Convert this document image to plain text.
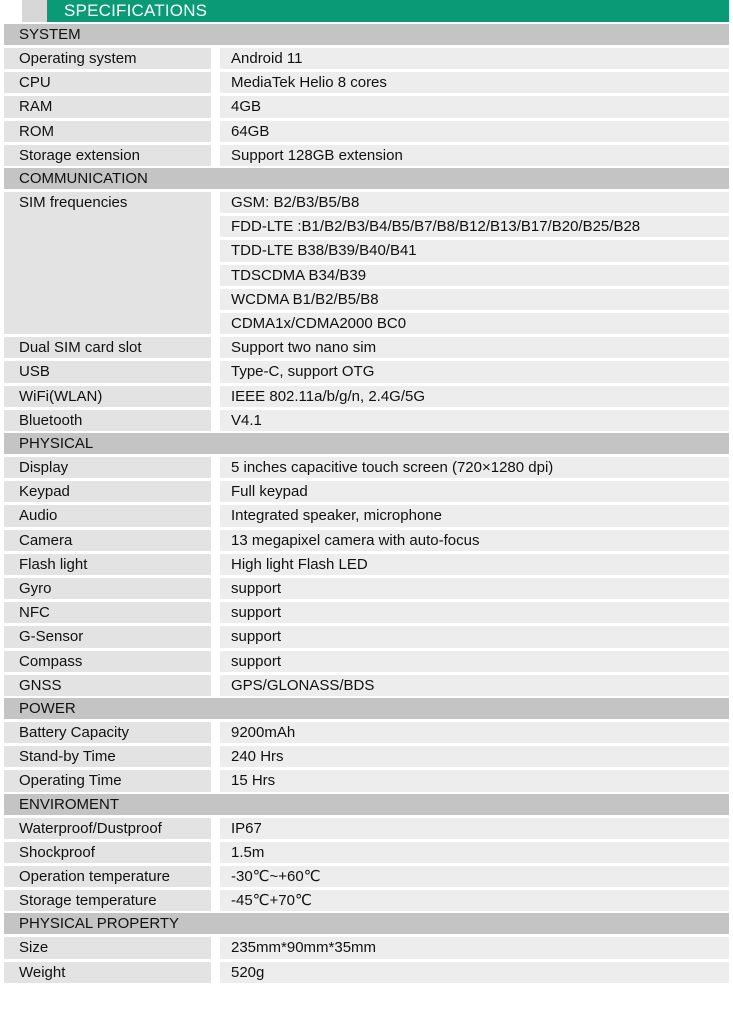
SPECIFICATIONS
SYSTEM
Operating system	Android 11
CPU	MediaTek Helio 8 cores
RAM	4GB
ROM	64GB
Storage extension	Support 128GB extension
COMMUNICATION
SIM frequencies	GSM: B2/B3/B5/B8
FDD-LTE :B1/B2/B3/B4/B5/B7/B8/B12/B13/B17/B20/B25/B28
TDD-LTE B38/B39/B40/B41
TDSCDMA B34/B39
WCDMA B1/B2/B5/B8
CDMA1x/CDMA2000 BC0
Dual SIM card slot	Support two nano sim
USB	Type-C, support OTG
WiFi(WLAN)	IEEE 802.11a/b/g/n, 2.4G/5G
Bluetooth	V4.1
PHYSICAL
Display	5 inches capacitive touch screen (720×1280 dpi)
Keypad	Full keypad
Audio	Integrated speaker, microphone
Camera	13 megapixel camera with auto-focus
Flash light	High light Flash LED
Gyro	support
NFC	support
G-Sensor	support
Compass	support
GNSS	GPS/GLONASS/BDS
POWER
Battery Capacity	9200mAh
Stand-by Time	240 Hrs
Operating Time	15 Hrs
ENVIROMENT
Waterproof/Dustproof	IP67
Shockproof	1.5m
Operation temperature	-30℃~+60℃
Storage temperature	-45℃+70℃
PHYSICAL PROPERTY
Size	235mm*90mm*35mm
Weight	520g
